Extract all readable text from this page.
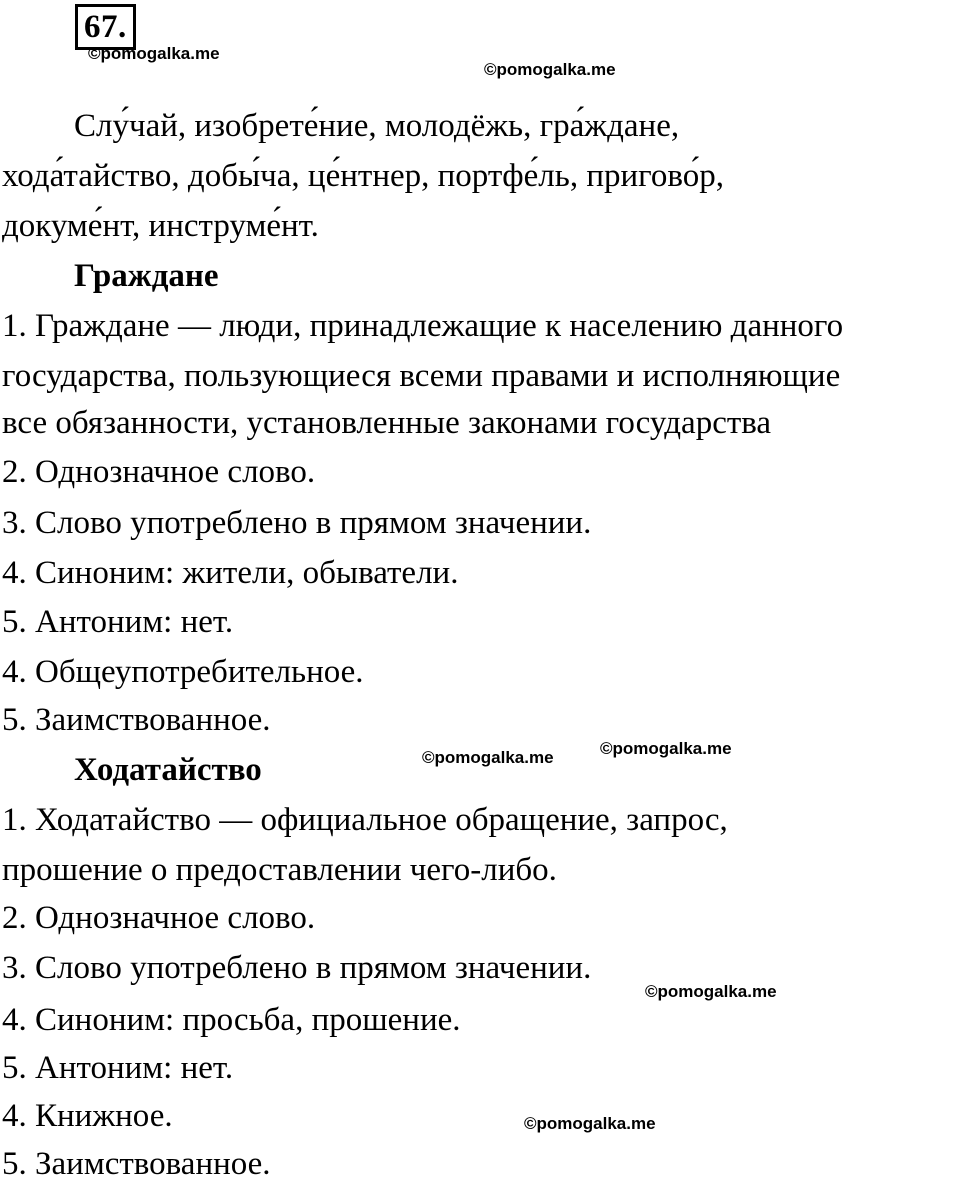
67.
©pomogalka.me
©pomogalka.me
©pomogalka.me	©pomogalka.me
©pomogalka.me
©pomogalka.me
Слу́чай, изобрете́ние, молодёжь, гра́ждане,
хода́тайство, добы́ча, це́нтнер, портфе́ль, пригово́р,
докуме́нт, инструме́нт.
Граждане
1. Граждане — люди, принадлежащие к населению данного
государства, пользующиеся всеми правами и исполняющие
все обязанности, установленные законами государства
2. Однозначное слово.
3. Слово употреблено в прямом значении.
4. Синоним: жители, обыватели.
5. Антоним: нет.
4. Общеупотребительное.
5. Заимствованное.
Ходатайство
1. Ходатайство — официальное обращение, запрос,
прошение о предоставлении чего-либо.
2. Однозначное слово.
3. Слово употреблено в прямом значении.
4. Синоним: просьба, прошение.
5. Антоним: нет.
4. Книжное.
5. Заимствованное.
